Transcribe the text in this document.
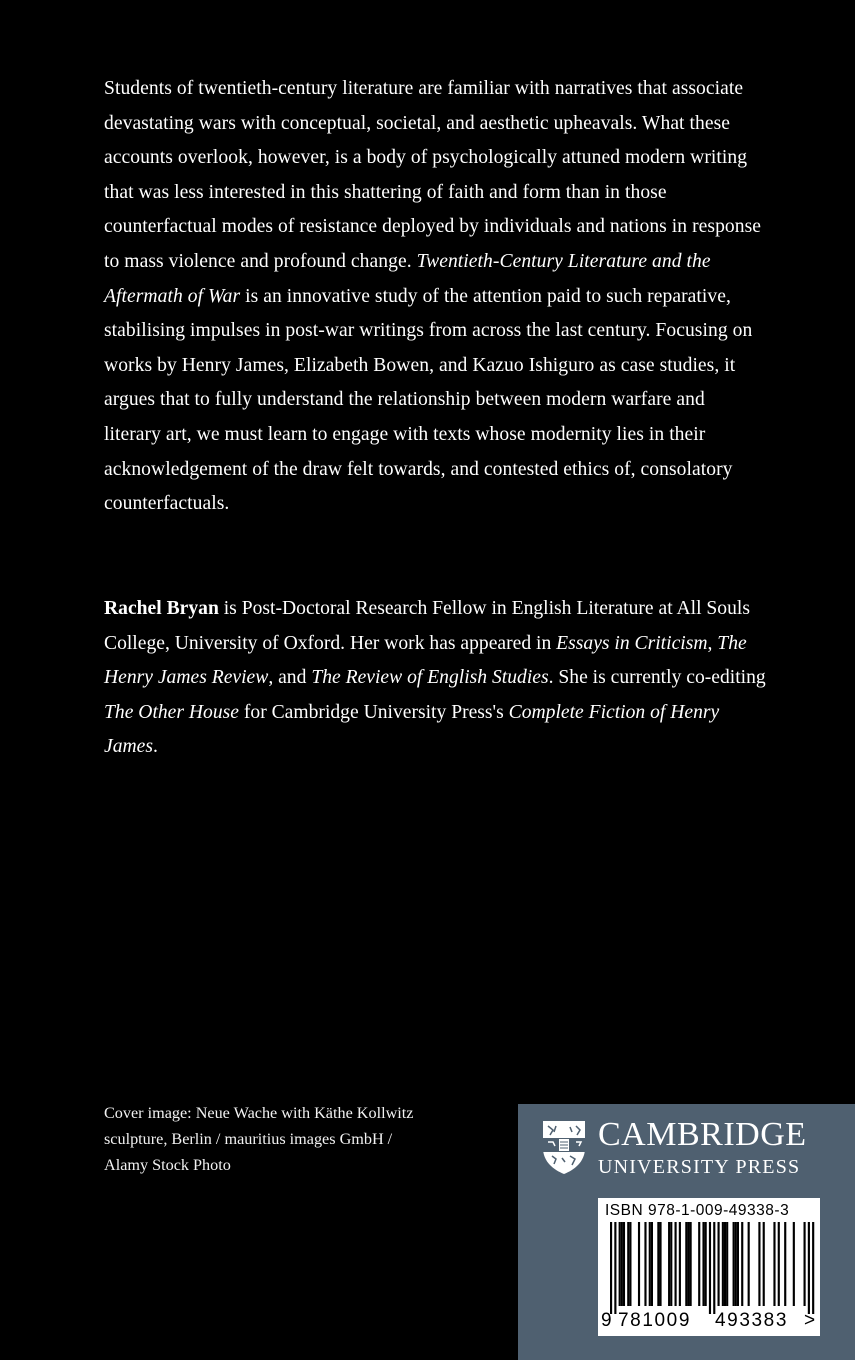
Students of twentieth-century literature are familiar with narratives that associate devastating wars with conceptual, societal, and aesthetic upheavals. What these accounts overlook, however, is a body of psychologically attuned modern writing that was less interested in this shattering of faith and form than in those counterfactual modes of resistance deployed by individuals and nations in response to mass violence and profound change. Twentieth-Century Literature and the Aftermath of War is an innovative study of the attention paid to such reparative, stabilising impulses in post-war writings from across the last century. Focusing on works by Henry James, Elizabeth Bowen, and Kazuo Ishiguro as case studies, it argues that to fully understand the relationship between modern warfare and literary art, we must learn to engage with texts whose modernity lies in their acknowledgement of the draw felt towards, and contested ethics of, consolatory counterfactuals.

Rachel Bryan is Post-Doctoral Research Fellow in English Literature at All Souls College, University of Oxford. Her work has appeared in Essays in Criticism, The Henry James Review, and The Review of English Studies. She is currently co-editing The Other House for Cambridge University Press's Complete Fiction of Henry James.

Cover image: Neue Wache with Käthe Kollwitz
sculpture, Berlin / mauritius images GmbH /
Alamy Stock Photo
CAMBRIDGE
UNIVERSITY PRESS
ISBN 978-1-009-49338-3
9 781009 493383 >
